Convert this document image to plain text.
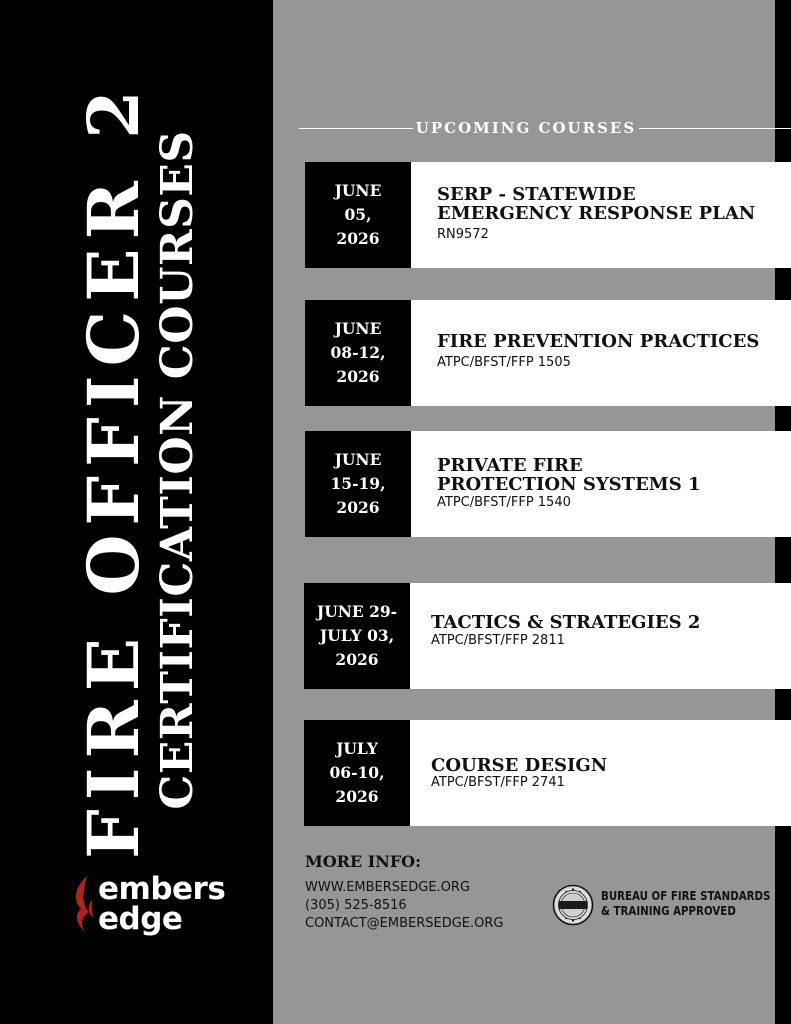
FIRE OFFICER 2
CERTIFICATION COURSES
embers
edge
UPCOMING COURSES
JUNE
05,
2026
SERP - STATEWIDE
EMERGENCY RESPONSE PLAN
RN9572
JUNE
08-12,
2026
FIRE PREVENTION PRACTICES
ATPC/BFST/FFP 1505
JUNE
15-19,
2026
PRIVATE FIRE
PROTECTION SYSTEMS 1
ATPC/BFST/FFP 1540
JUNE 29-
JULY 03,
2026
TACTICS & STRATEGIES 2
ATPC/BFST/FFP 2811
JULY
06-10,
2026
COURSE DESIGN
ATPC/BFST/FFP 2741
MORE INFO:
WWW.EMBERSEDGE.ORG
(305) 525-8516
CONTACT@EMBERSEDGE.ORG
BUREAU OF FIRE STANDARDS
& TRAINING APPROVED
